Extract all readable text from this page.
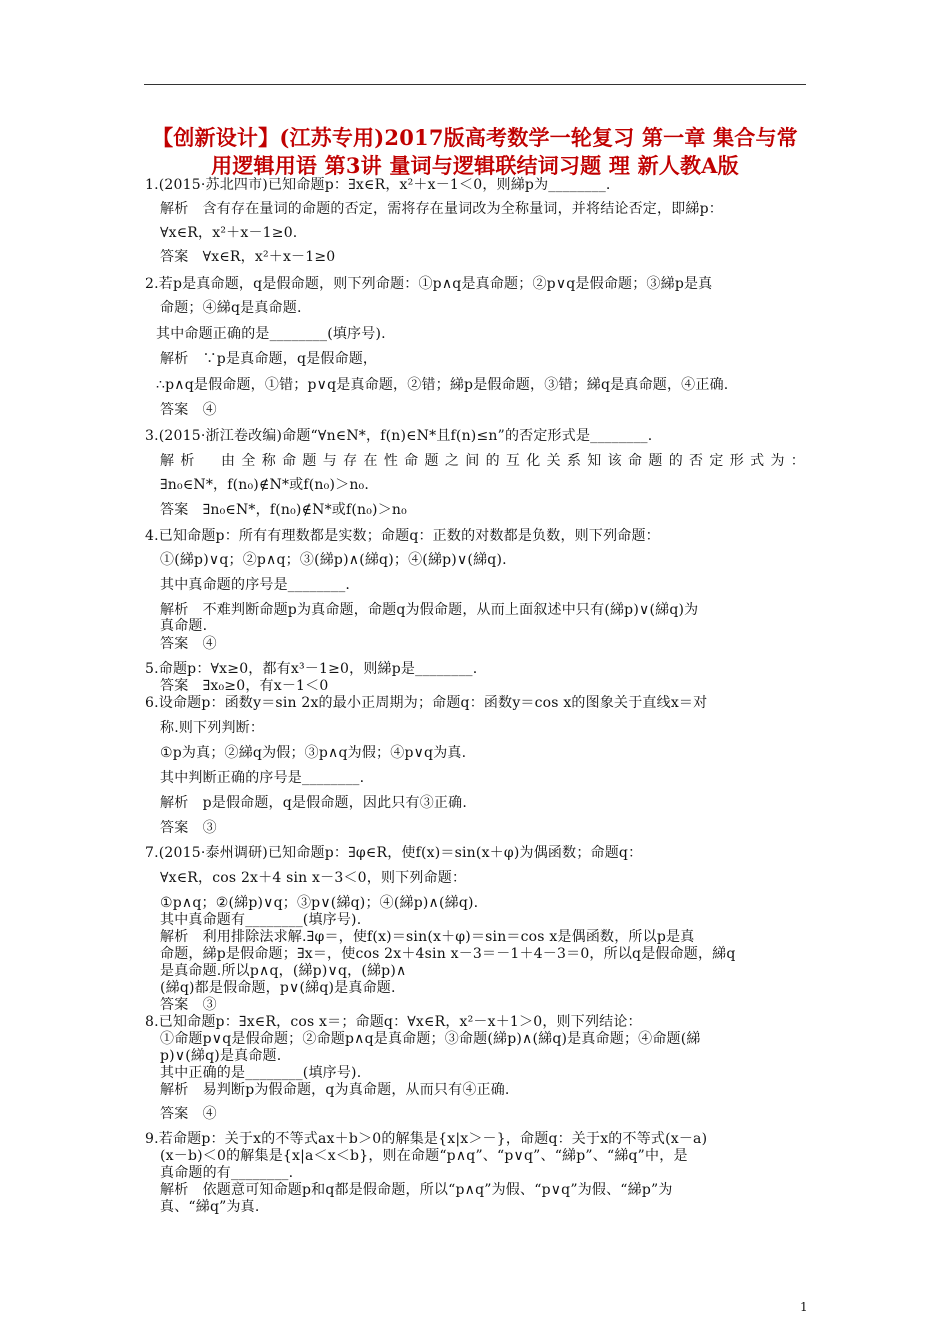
【创新设计】(江苏专用)2017版高考数学一轮复习 第一章 集合与常
用逻辑用语 第3讲 量词与逻辑联结词习题 理 新人教A版
1.(2015·苏北四市)已知命题p：∃x∈R，x²＋x－1＜0，则綈p为________.
解析　含有存在量词的命题的否定，需将存在量词改为全称量词，并将结论否定，即綈p：
∀x∈R，x²＋x－1≥0.
答案　∀x∈R，x²＋x－1≥0
2.若p是真命题，q是假命题，则下列命题：①p∧q是真命题；②p∨q是假命题；③綈p是真
命题；④綈q是真命题.
其中命题正确的是________(填序号).
解析　∵p是真命题，q是假命题，
∴p∧q是假命题，①错；p∨q是真命题，②错；綈p是假命题，③错；綈q是真命题，④正确.
答案　④
3.(2015·浙江卷改编)命题“∀n∈N*，f(n)∈N*且f(n)≤n”的否定形式是________.
解析　由全称命题与存在性命题之间的互化关系知该命题的否定形式为：
∃n₀∈N*，f(n₀)∉N*或f(n₀)＞n₀.
答案　∃n₀∈N*，f(n₀)∉N*或f(n₀)＞n₀
4.已知命题p：所有有理数都是实数；命题q：正数的对数都是负数，则下列命题：
①(綈p)∨q；②p∧q；③(綈p)∧(綈q)；④(綈p)∨(綈q).
其中真命题的序号是________.
解析　不难判断命题p为真命题，命题q为假命题，从而上面叙述中只有(綈p)∨(綈q)为
真命题.
答案　④
5.命题p：∀x≥0，都有x³－1≥0，则綈p是________.
答案　∃x₀≥0，有x－1＜0
6.设命题p：函数y＝sin 2x的最小正周期为；命题q：函数y＝cos x的图象关于直线x＝对
称.则下列判断：
①p为真；②綈q为假；③p∧q为假；④p∨q为真.
其中判断正确的序号是________.
解析　p是假命题，q是假命题，因此只有③正确.
答案　③
7.(2015·泰州调研)已知命题p：∃φ∈R，使f(x)＝sin(x＋φ)为偶函数；命题q：
∀x∈R，cos 2x＋4 sin x－3＜0，则下列命题：
①p∧q；②(綈p)∨q；③p∨(綈q)；④(綈p)∧(綈q).
其中真命题有________(填序号).
解析　利用排除法求解.∃φ＝，使f(x)＝sin(x＋φ)＝sin＝cos x是偶函数，所以p是真
命题，綈p是假命题；∃x＝，使cos 2x＋4sin x－3＝－1＋4－3＝0，所以q是假命题，綈q
是真命题.所以p∧q，(綈p)∨q，(綈p)∧
(綈q)都是假命题，p∨(綈q)是真命题.
答案　③
8.已知命题p：∃x∈R，cos x＝；命题q：∀x∈R，x²－x＋1＞0，则下列结论：
①命题p∨q是假命题；②命题p∧q是真命题；③命题(綈p)∧(綈q)是真命题；④命题(綈
p)∨(綈q)是真命题.
其中正确的是________(填序号).
解析　易判断p为假命题，q为真命题，从而只有④正确.
答案　④
9.若命题p：关于x的不等式ax＋b＞0的解集是{x|x＞－}，命题q：关于x的不等式(x－a)
(x－b)＜0的解集是{x|a＜x＜b}，则在命题“p∧q”、“p∨q”、“綈p”、“綈q”中，是
真命题的有________.
解析　依题意可知命题p和q都是假命题，所以“p∧q”为假、“p∨q”为假、“綈p”为
真、“綈q”为真.
1
